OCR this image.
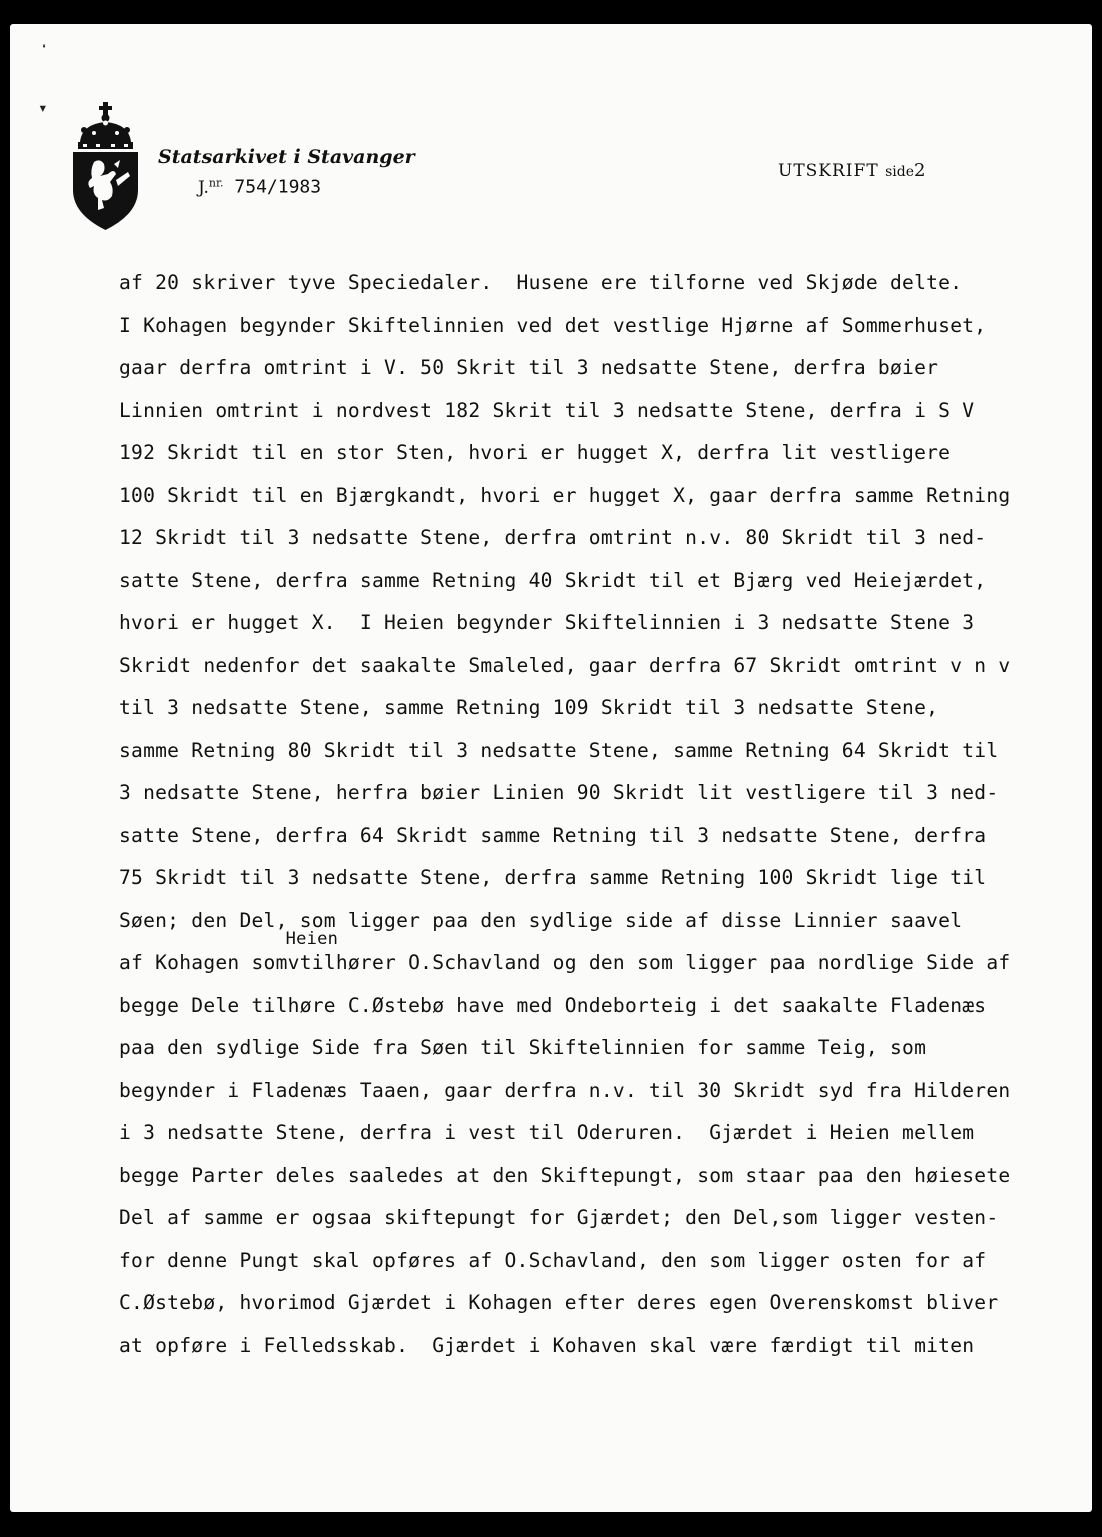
❛
▾
Statsarkivet i Stavanger
J.$^{nr.}$ 754/1983
UTSKRIFT side2
af 20 skriver tyve Speciedaler.  Husene ere tilforne ved Skjøde delte.
I Kohagen begynder Skiftelinnien ved det vestlige Hjørne af Sommerhuset,
gaar derfra omtrint i V. 50 Skrit til 3 nedsatte Stene, derfra bøier
Linnien omtrint i nordvest 182 Skrit til 3 nedsatte Stene, derfra i S V
192 Skridt til en stor Sten, hvori er hugget X, derfra lit vestligere
100 Skridt til en Bjærgkandt, hvori er hugget X, gaar derfra samme Retning
12 Skridt til 3 nedsatte Stene, derfra omtrint n.v. 80 Skridt til 3 ned-
satte Stene, derfra samme Retning 40 Skridt til et Bjærg ved Heiejærdet,
hvori er hugget X.  I Heien begynder Skiftelinnien i 3 nedsatte Stene 3
Skridt nedenfor det saakalte Smaleled, gaar derfra 67 Skridt omtrint v n v
til 3 nedsatte Stene, samme Retning 109 Skridt til 3 nedsatte Stene,
samme Retning 80 Skridt til 3 nedsatte Stene, samme Retning 64 Skridt til
3 nedsatte Stene, herfra bøier Linien 90 Skridt lit vestligere til 3 ned-
satte Stene, derfra 64 Skridt samme Retning til 3 nedsatte Stene, derfra
75 Skridt til 3 nedsatte Stene, derfra samme Retning 100 Skridt lige til
Søen; den Del, som ligger paa den sydlige side af disse Linnier saavel
af Kohagen som
Heien
vtilhører O.Schavland og den som ligger paa nordlige Side af
begge Dele tilhøre C.Østebø have med Ondeborteig i det saakalte Fladenæs
paa den sydlige Side fra Søen til Skiftelinnien for samme Teig, som
begynder i Fladenæs Taaen, gaar derfra n.v. til 30 Skridt syd fra Hilderen
i 3 nedsatte Stene, derfra i vest til Oderuren.  Gjærdet i Heien mellem
begge Parter deles saaledes at den Skiftepungt, som staar paa den høiesete
Del af samme er ogsaa skiftepungt for Gjærdet; den Del,som ligger vesten-
for denne Pungt skal opføres af O.Schavland, den som ligger osten for af
C.Østebø, hvorimod Gjærdet i Kohagen efter deres egen Overenskomst bliver
at opføre i Felledsskab.  Gjærdet i Kohaven skal være færdigt til miten
